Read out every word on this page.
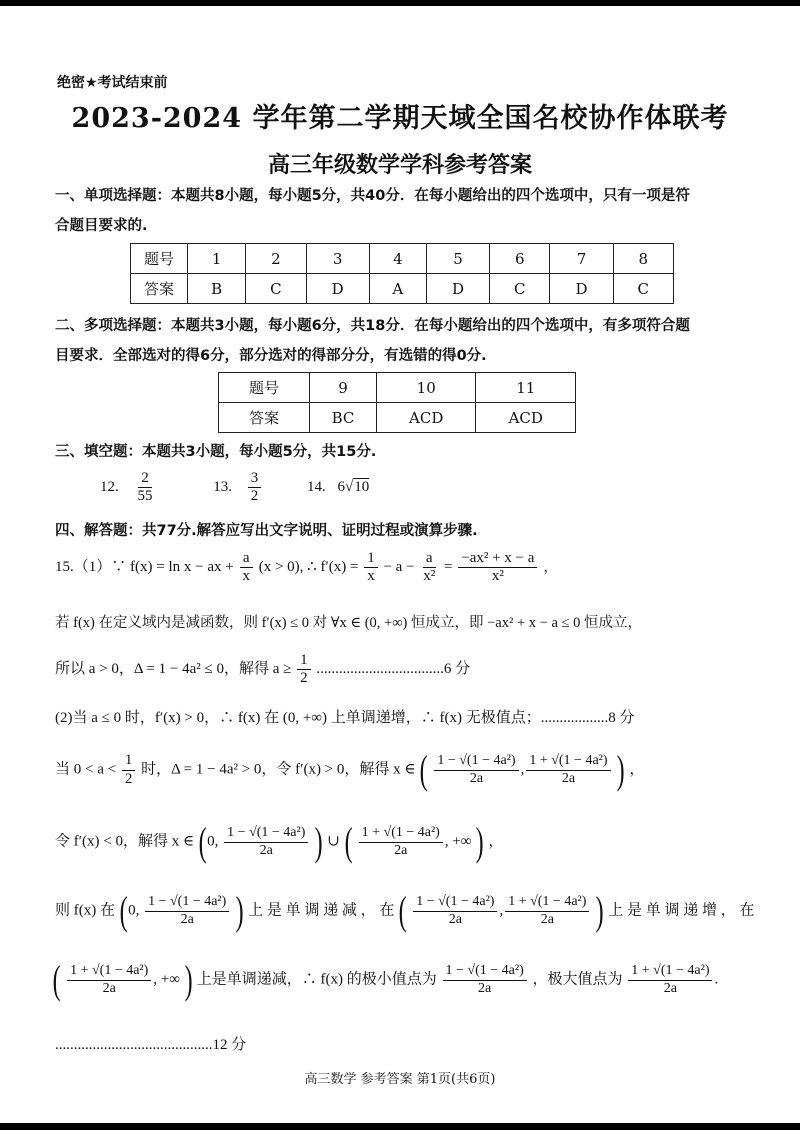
绝密★考试结束前
2023-2024 学年第二学期天域全国名校协作体联考
高三年级数学学科参考答案
一、单项选择题：本题共8小题，每小题5分，共40分．在每小题给出的四个选项中，只有一项是符
合题目要求的.
题号	1	2	3	4	5	6	7	8
答案	B	C	D	A	D	C	D	C
二、多项选择题：本题共3小题，每小题6分，共18分．在每小题给出的四个选项中，有多项符合题
目要求．全部选对的得6分，部分选对的得部分分，有选错的得0分.
题号	9	10	11
答案	BC	ACD	ACD
三、填空题：本题共3小题，每小题5分，共15分.
12. $\frac{2}{55}$	13. $\frac{3}{2}$	14. 6√10
四、解答题：共77分.解答应写出文字说明、证明过程或演算步骤.
15.（1）∵ f(x) = ln x − ax + $\frac{a}{x} (x > 0)$, ∴ $f'(x) = \frac{1}{x} - a - \frac{a}{\text{x²}} = \frac{\text{−ax² + x − a}}{\text{x²}}$ ，
若 f(x) 在定义域内是减函数，则 f′(x) ≤ 0 对 ∀x ∈ (0, +∞) 恒成立，即 −ax² + x − a ≤ 0 恒成立，
所以 a > 0，Δ = 1 − 4a² ≤ 0，解得 $a \ge \frac{1}{2} ..................................6$ 分
(2)当 a ≤ 0 时，f′(x) > 0，∴ f(x) 在 (0, +∞) 上单调递增，∴ f(x) 无极值点；..................8 分
当 $0 < a < \frac{1}{2}$ 时，Δ = 1 − 4a² > 0，令 f′(x) > 0，解得 x ∈ ( $\frac{\text{1 − √(1 − 4a²)}}{2a}$ , $\frac{\text{1 + √(1 − 4a²)}}{2a}$ ) ，
令 f′(x) < 0，解得 x ∈ (0, $\frac{\text{1 − √(1 − 4a²)}}{2a}$ ) ∪ ( $\frac{\text{1 + √(1 − 4a²)}}{2a}$ , +∞ ) ，
则 f(x) 在 (0, $\frac{\text{1 − √(1 − 4a²)}}{2a}$ ) 上 是 单 调 递 减 ， 在 ( $\frac{\text{1 − √(1 − 4a²)}}{2a}$ , $\frac{\text{1 + √(1 − 4a²)}}{2a}$ ) 上 是 单 调 递 增 ， 在
( $\frac{\text{1 + √(1 − 4a²)}}{2a}$ , +∞ ) 上是单调递减，∴ f(x) 的极小值点为 $\frac{\text{1 − √(1 − 4a²)}}{2a}$ ，极大值点为 $\frac{\text{1 + √(1 − 4a²)}}{2a}$ .
..........................................12 分
高三数学 参考答案 第1页(共6页)
